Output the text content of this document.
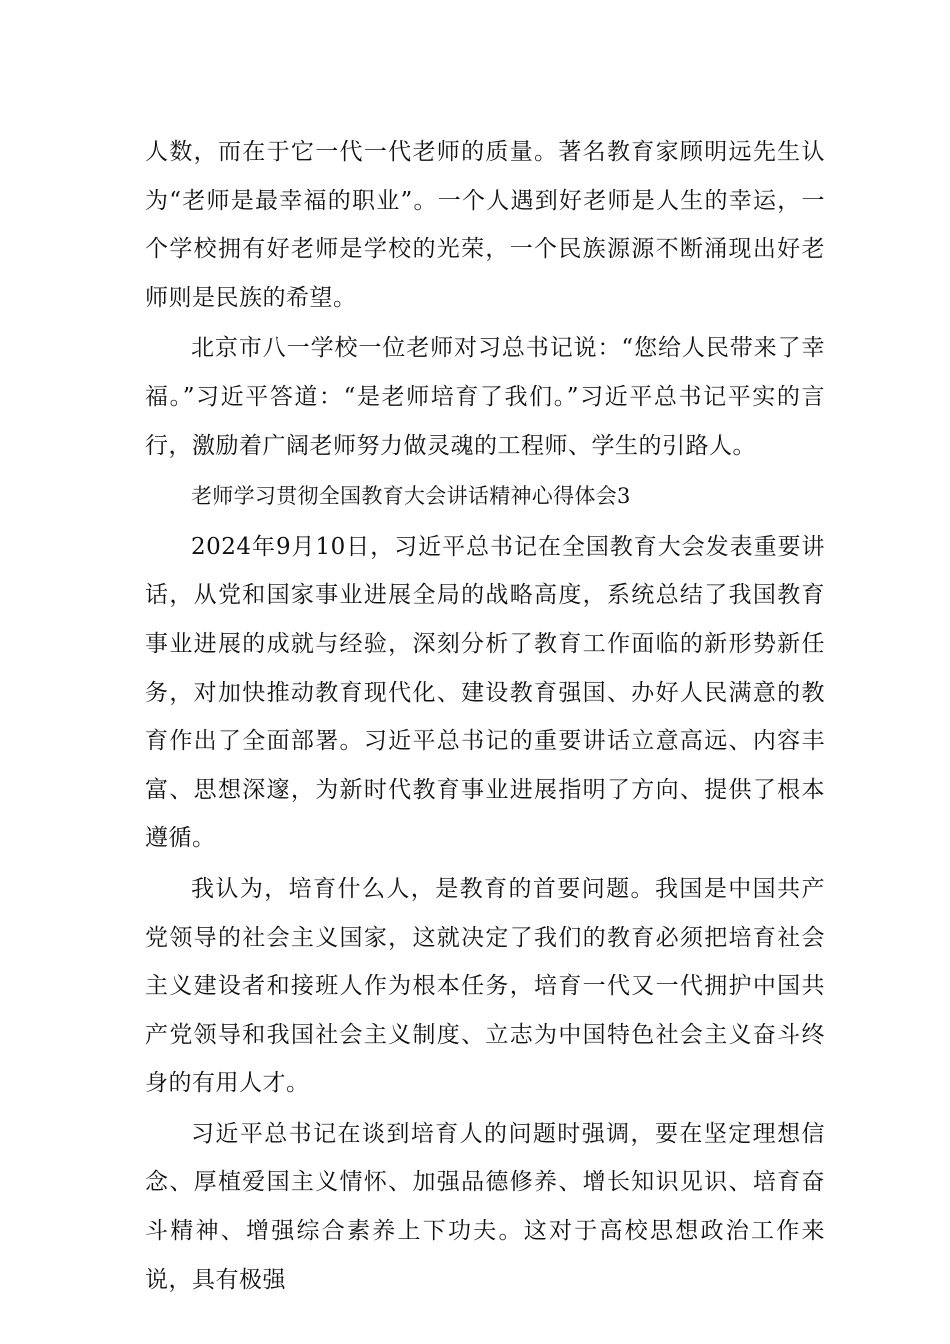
人数，而在于它一代一代老师的质量。著名教育家顾明远先生认为“老师是最幸福的职业”。一个人遇到好老师是人生的幸运，一个学校拥有好老师是学校的光荣，一个民族源源不断涌现出好老师则是民族的希望。

北京市八一学校一位老师对习总书记说：“您给人民带来了幸福。”习近平答道：“是老师培育了我们。”习近平总书记平实的言行，激励着广阔老师努力做灵魂的工程师、学生的引路人。

老师学习贯彻全国教育大会讲话精神心得体会3

2024年9月10日，习近平总书记在全国教育大会发表重要讲话，从党和国家事业进展全局的战略高度，系统总结了我国教育事业进展的成就与经验，深刻分析了教育工作面临的新形势新任务，对加快推动教育现代化、建设教育强国、办好人民满意的教育作出了全面部署。习近平总书记的重要讲话立意高远、内容丰富、思想深邃，为新时代教育事业进展指明了方向、提供了根本遵循。

我认为，培育什么人，是教育的首要问题。我国是中国共产党领导的社会主义国家，这就决定了我们的教育必须把培育社会主义建设者和接班人作为根本任务，培育一代又一代拥护中国共产党领导和我国社会主义制度、立志为中国特色社会主义奋斗终身的有用人才。

习近平总书记在谈到培育人的问题时强调，要在坚定理想信念、厚植爱国主义情怀、加强品德修养、增长知识见识、培育奋斗精神、增强综合素养上下功夫。这对于高校思想政治工作来说，具有极强
